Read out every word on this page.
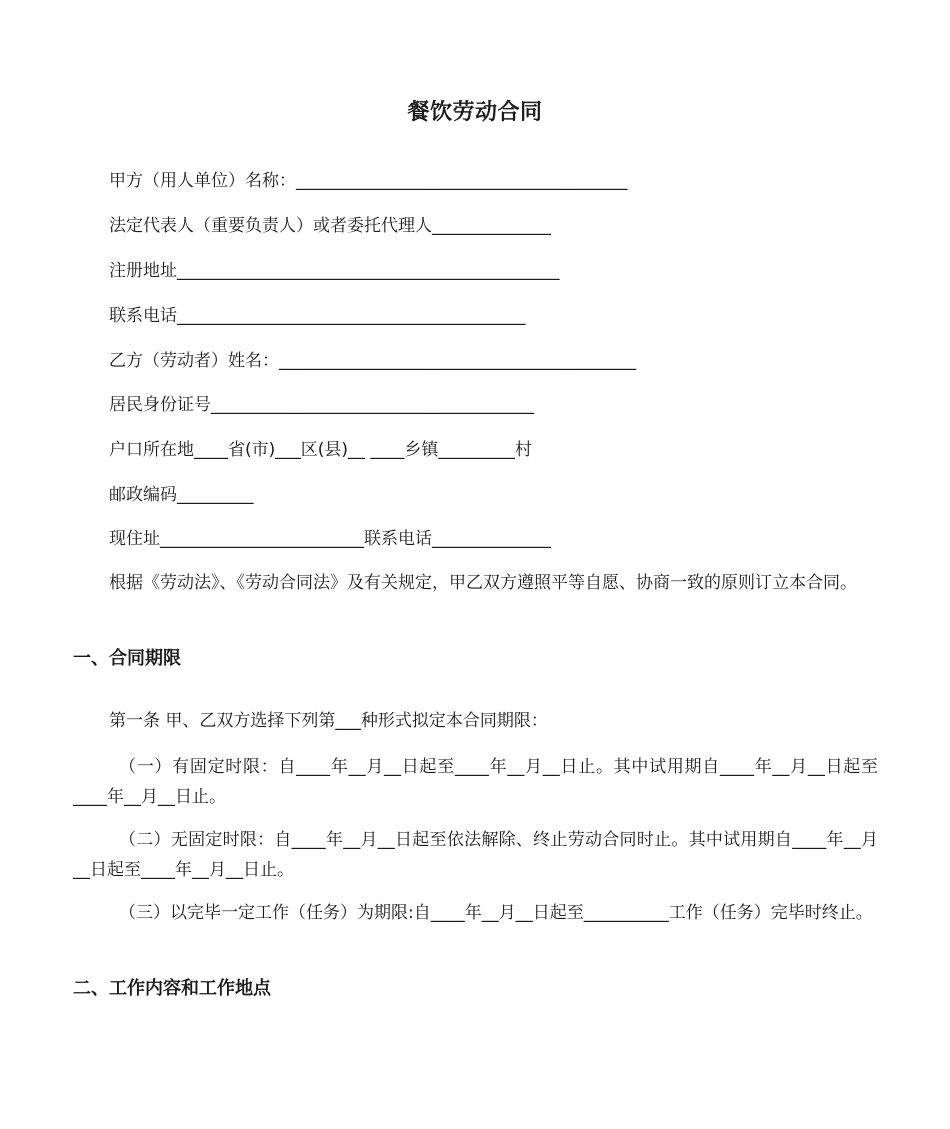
餐饮劳动合同
甲方（用人单位）名称：_______________________________________
法定代表人（重要负责人）或者委托代理人______________
注册地址_____________________________________________
联系电话_________________________________________
乙方（劳动者）姓名：__________________________________________
居民身份证号______________________________________
户口所在地____省(市)___区(县)__ ____乡镇_________村
邮政编码_________
现住址________________________联系电话______________
根据《劳动法》、《劳动合同法》及有关规定，甲乙双方遵照平等自愿、协商一致的原则订立本合同。
一、合同期限
第一条 甲、乙双方选择下列第___种形式拟定本合同期限：
（一）有固定时限：自____年__月__日起至____年__月__日止。其中试用期自____年__月__日起至____年__月__日止。
（二）无固定时限：自____年__月__日起至依法解除、终止劳动合同时止。其中试用期自____年__月__日起至____年__月__日止。
（三）以完毕一定工作（任务）为期限:自____年__月__日起至__________工作（任务）完毕时终止。
二、工作内容和工作地点
